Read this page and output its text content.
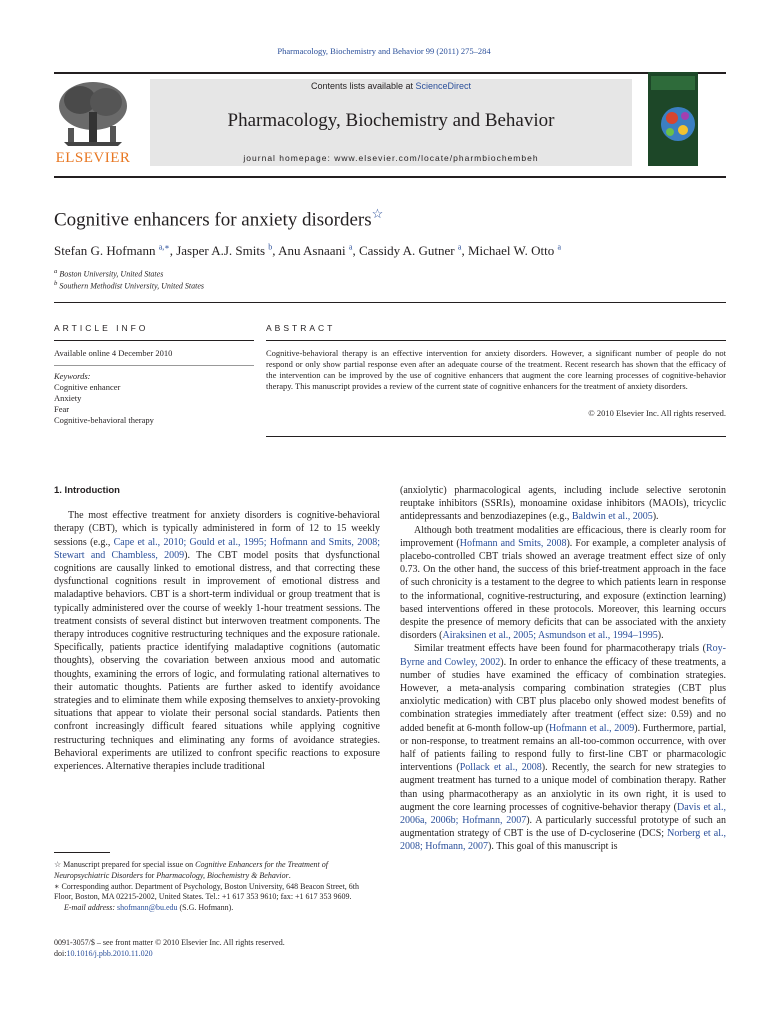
Pharmacology, Biochemistry and Behavior 99 (2011) 275–284
ELSEVIER
Contents lists available at ScienceDirect
Pharmacology, Biochemistry and Behavior
journal homepage: www.elsevier.com/locate/pharmbiochembeh
Cognitive enhancers for anxiety disorders☆
Stefan G. Hofmann $^{a,∗}$, Jasper A.J. Smits $^b$, Anu Asnaani $^a$, Cassidy A. Gutner $^a$, Michael W. Otto $^a$
$^a$ Boston University, United States
$^b$ Southern Methodist University, United States
ARTICLE INFO
Available online 4 December 2010
Keywords:
Cognitive enhancer
Anxiety
Fear
Cognitive-behavioral therapy
ABSTRACT
Cognitive-behavioral therapy is an effective intervention for anxiety disorders. However, a significant number of people do not respond or only show partial response even after an adequate course of the treatment. Recent research has shown that the efficacy of the intervention can be improved by the use of cognitive enhancers that augment the core learning processes of cognitive-behavior therapy. This manuscript provides a review of the current state of cognitive enhancers for the treatment of anxiety disorders.
© 2010 Elsevier Inc. All rights reserved.

1. Introduction

The most effective treatment for anxiety disorders is cognitive-behavioral therapy (CBT), which is typically administered in form of 12 to 15 weekly sessions (e.g., Cape et al., 2010; Gould et al., 1995; Hofmann and Smits, 2008; Stewart and Chambless, 2009). The CBT model posits that dysfunctional cognitions are causally linked to emotional distress, and that correcting these dysfunctional cognitions result in improvement of emotional distress and maladaptive behaviors. CBT is a short-term individual or group treatment that is typically administered over the course of weekly 1-hour treatment sessions. The treatment consists of several distinct but interwoven treatment components. The therapy introduces cognitive restructuring techniques and the exposure rationale. Specifically, patients practice identifying maladaptive cognitions (automatic thoughts), observing the covariation between anxious mood and automatic thoughts, examining the errors of logic, and formulating rational alternatives to their automatic thoughts. Patients are further asked to identify avoidance strategies and to eliminate them while exposing themselves to anxiety-provoking situations that appear to violate their personal social standards. Patients then confront increasingly difficult feared situations while applying cognitive restructuring techniques and eliminating any forms of avoidance strategies. Behavioral experiments are utilized to confront specific reactions to exposure experiences. Alternative therapies include traditional

(anxiolytic) pharmacological agents, including include selective serotonin reuptake inhibitors (SSRIs), monoamine oxidase inhibitors (MAOIs), tricyclic antidepressants and benzodiazepines (e.g., Baldwin et al., 2005).

Although both treatment modalities are efficacious, there is clearly room for improvement (Hofmann and Smits, 2008). For example, a completer analysis of placebo-controlled CBT trials showed an average treatment effect size of only 0.73. On the other hand, the success of this brief-treatment approach in the face of such chronicity is a testament to the degree to which patients learn in response to the informational, cognitive-restructuring, and exposure (extinction learning) based interventions offered in these protocols. Moreover, this learning occurs despite the presence of memory deficits that can be associated with the anxiety disorders (Airaksinen et al., 2005; Asmundson et al., 1994–1995).

Similar treatment effects have been found for pharmacotherapy trials (Roy-Byrne and Cowley, 2002). In order to enhance the efficacy of these treatments, a number of studies have examined the efficacy of combination strategies. However, a meta-analysis comparing combination strategies (CBT plus anxiolytic medication) with CBT plus placebo only showed modest benefits of combination strategies immediately after treatment (effect size: 0.59) and no added benefit at 6-month follow-up (Hofmann et al., 2009). Furthermore, partial, or non-response, to treatment remains an all-too-common occurrence, with over half of patients failing to respond fully to first-line CBT or pharmacologic interventions (Pollack et al., 2008). Recently, the search for new strategies to augment treatment has turned to a unique model of combination therapy. Rather than using pharmacotherapy as an anxiolytic in its own right, it is used to augment the core learning processes of cognitive-behavior therapy (Davis et al., 2006a, 2006b; Hofmann, 2007). A particularly successful prototype of such an augmentation strategy of CBT is the use of D-cycloserine (DCS; Norberg et al., 2008; Hofmann, 2007). This goal of this manuscript is

☆ Manuscript prepared for special issue on Cognitive Enhancers for the Treatment of Neuropsychiatric Disorders for Pharmacology, Biochemistry & Behavior.

∗ Corresponding author. Department of Psychology, Boston University, 648 Beacon Street, 6th Floor, Boston, MA 02215-2002, United States. Tel.: +1 617 353 9610; fax: +1 617 353 9609.

E-mail address: shofmann@bu.edu (S.G. Hofmann).

0091-3057/$ – see front matter © 2010 Elsevier Inc. All rights reserved.
doi:10.1016/j.pbb.2010.11.020
